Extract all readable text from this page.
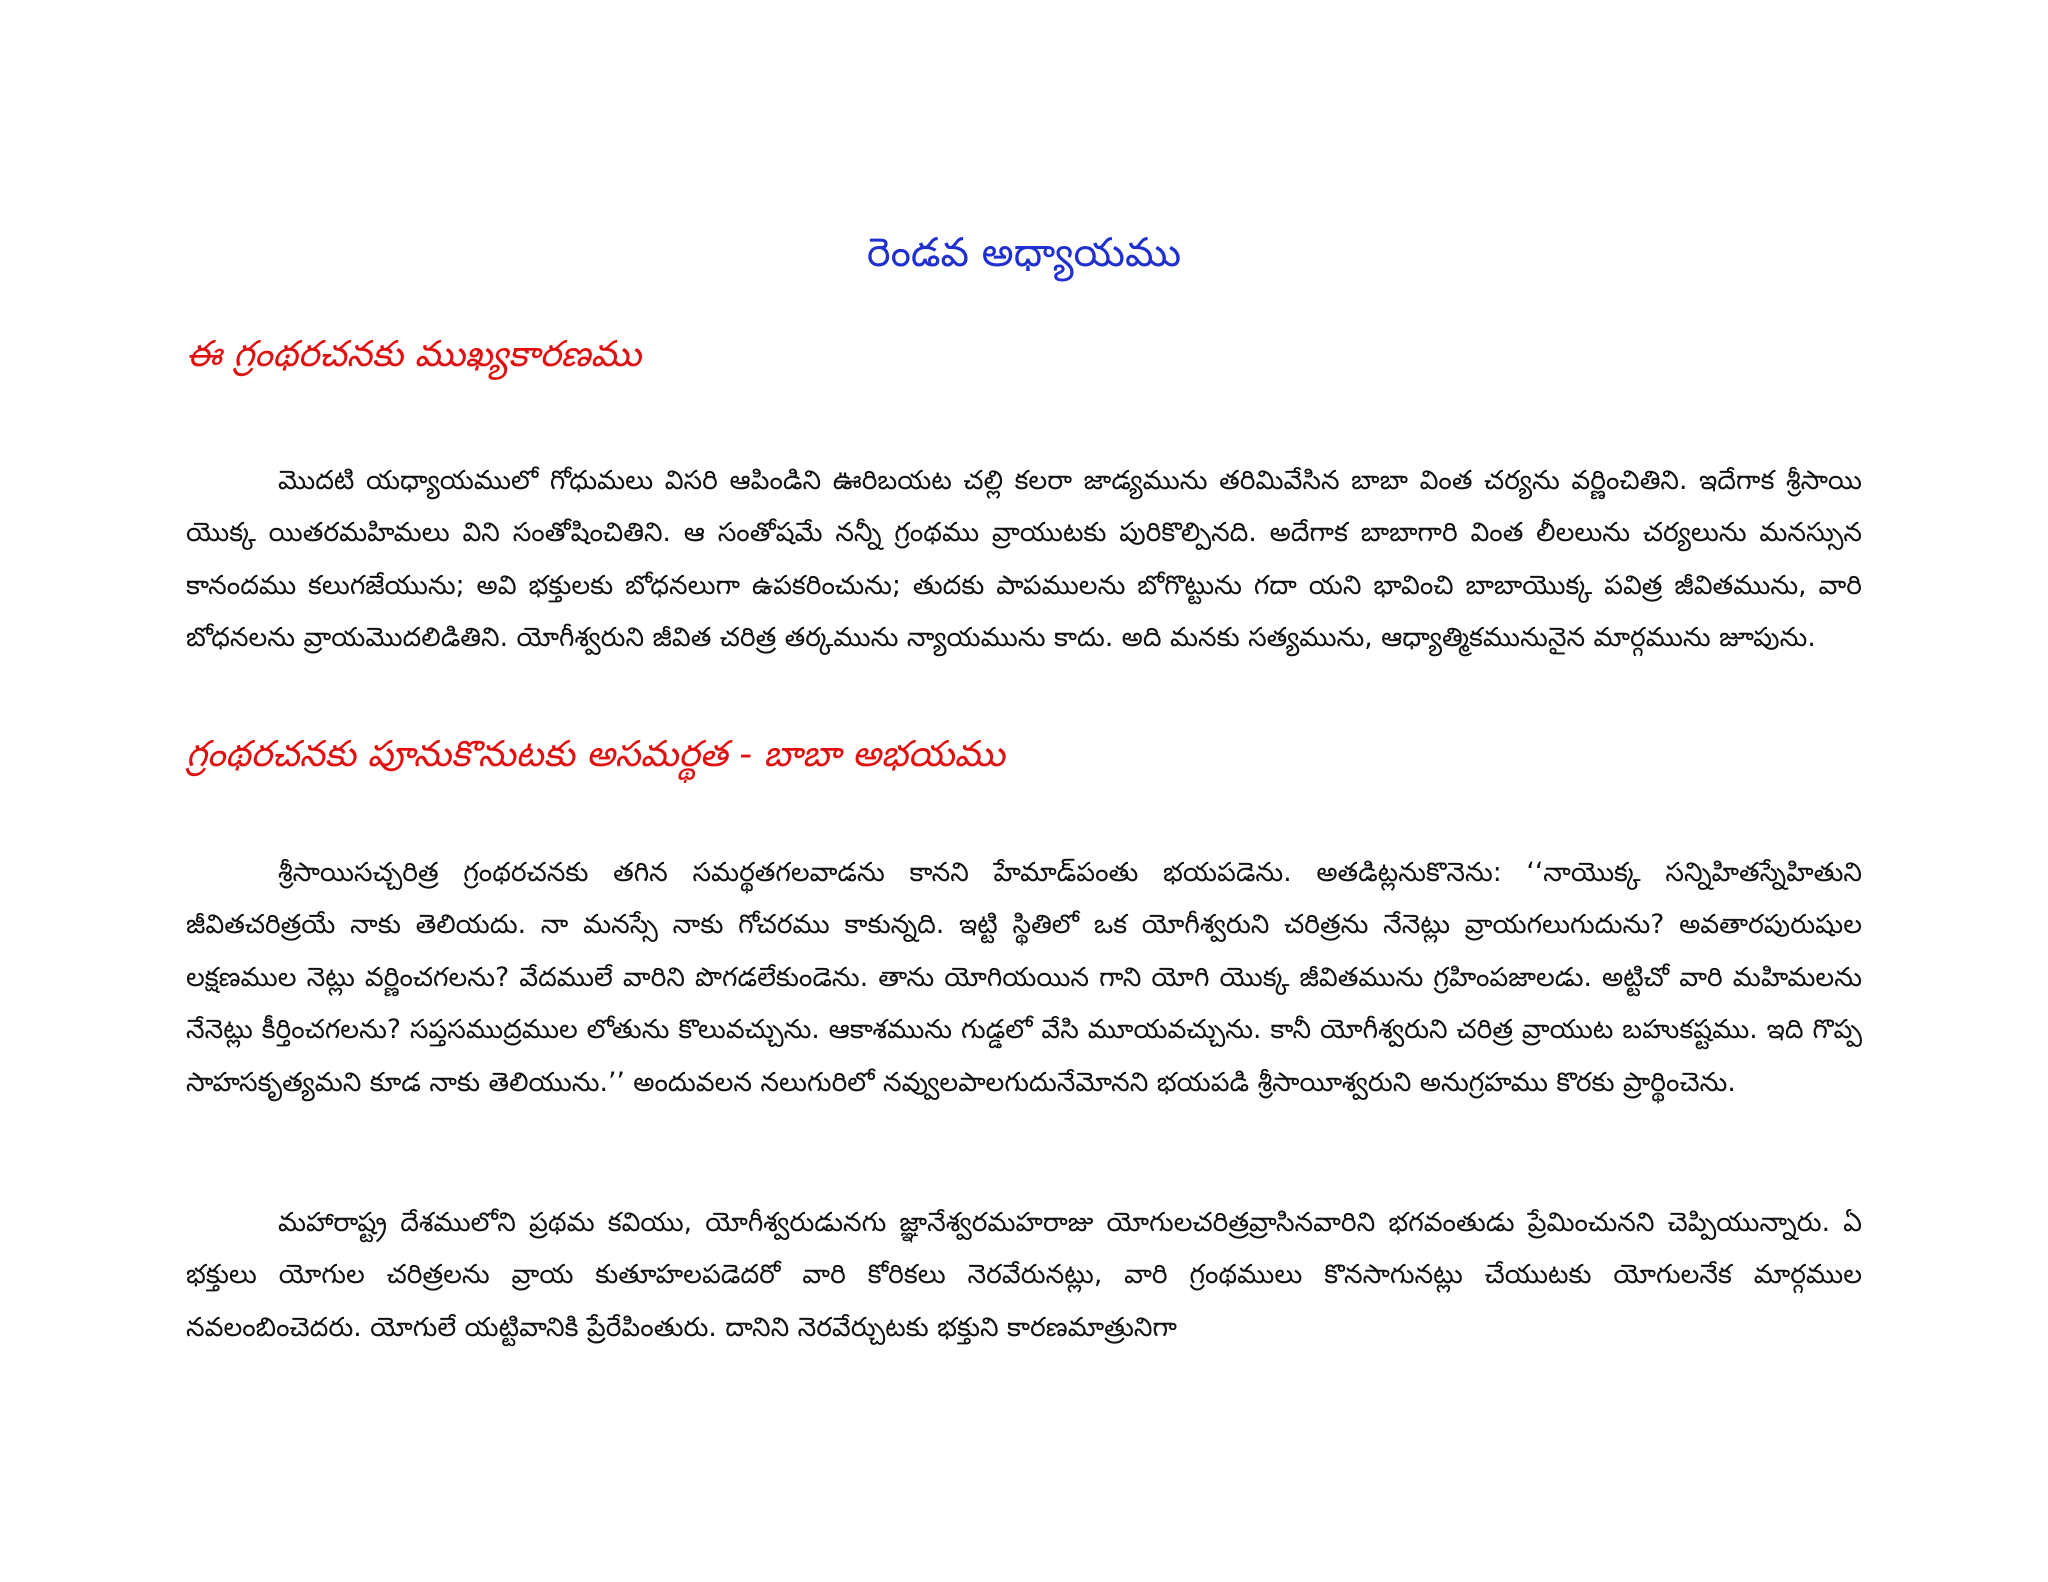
రెండవ అధ్యాయము
ఈ గ్రంథరచనకు ముఖ్యకారణము

మొదటి యధ్యాయములో గోధుమలు విసరి ఆపిండిని ఊరిబయట చల్లి కలరా జాడ్యమును తరిమివేసిన బాబా వింత చర్యను వర్ణించితిని. ఇదేగాక శ్రీసాయి యొక్క యితరమహిమలు విని సంతోషించితిని. ఆ సంతోషమే నన్నీ గ్రంథము వ్రాయుటకు పురికొల్పినది. అదేగాక బాబాగారి వింత లీలలును చర్యలును మనస్సున కానందము కలుగజేయును; అవి భక్తులకు బోధనలుగా ఉపకరించును; తుదకు పాపములను బోగొట్టును గదా యని భావించి బాబాయొక్క పవిత్ర జీవితమును, వారి బోధనలను వ్రాయమొదలిడితిని. యోగీశ్వరుని జీవిత చరిత్ర తర్కమును న్యాయమును కాదు. అది మనకు సత్యమును, ఆధ్యాత్మికమునునైన మార్గమును జూపును.

గ్రంథరచనకు పూనుకొనుటకు అసమర్థత - బాబా అభయము

శ్రీసాయిసచ్చరిత్ర గ్రంథరచనకు తగిన సమర్థతగలవాడను కానని హేమాడ్‌పంతు భయపడెను. అతడిట్లనుకొనెను: ‘‘నాయొక్క సన్నిహితస్నేహితుని జీవితచరిత్రయే నాకు తెలియదు. నా మనస్సే నాకు గోచరము కాకున్నది. ఇట్టి స్థితిలో ఒక యోగీశ్వరుని చరిత్రను నేనెట్లు వ్రాయగలుగుదును? అవతారపురుషుల లక్షణముల నెట్లు వర్ణించగలను? వేదములే వారిని పొగడలేకుండెను. తాను యోగియయిన గాని యోగి యొక్క జీవితమును గ్రహింపజాలడు. అట్టిచో వారి మహిమలను నేనెట్లు కీర్తించగలను? సప్తసముద్రముల లోతును కొలువచ్చును. ఆకాశమును గుడ్డలో వేసి మూయవచ్చును. కానీ యోగీశ్వరుని చరిత్ర వ్రాయుట బహుకష్టము. ఇది గొప్ప సాహసకృత్యమని కూడ నాకు తెలియును.’’ అందువలన నలుగురిలో నవ్వులపాలగుదునేమోనని భయపడి శ్రీసాయీశ్వరుని అనుగ్రహము కొరకు ప్రార్థించెను.

మహారాష్ట్ర దేశములోని ప్రథమ కవియు, యోగీశ్వరుడునగు జ్ఞానేశ్వరమహరాజు యోగులచరిత్రవ్రాసినవారిని భగవంతుడు ప్రేమించునని చెప్పియున్నారు. ఏ భక్తులు యోగుల చరిత్రలను వ్రాయ కుతూహలపడెదరో వారి కోరికలు నెరవేరునట్లు, వారి గ్రంథములు కొనసాగునట్లు చేయుటకు యోగులనేక మార్గముల నవలంబించెదరు. యోగులే యట్టివానికి ప్రేరేపింతురు. దానిని నెరవేర్చుటకు భక్తుని కారణమాత్రునిగా
